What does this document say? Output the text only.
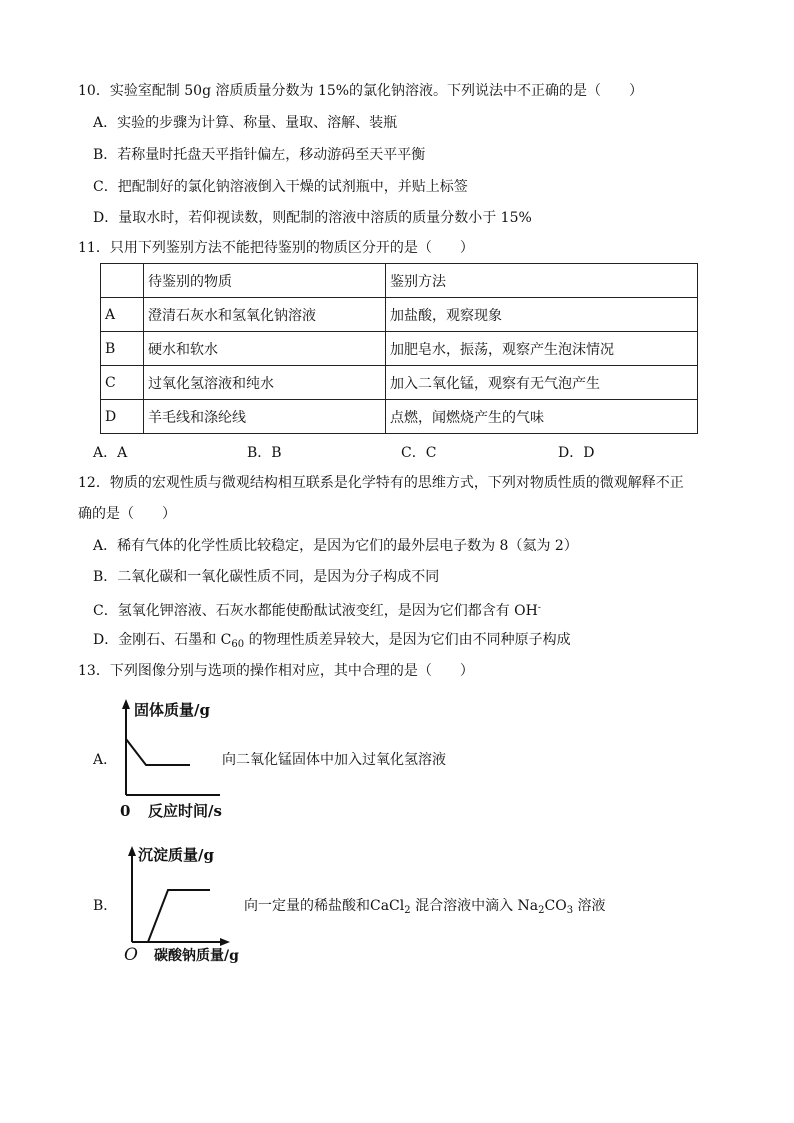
10．实验室配制 50g 溶质质量分数为 15%的氯化钠溶液。下列说法中不正确的是（　　）
A．实验的步骤为计算、称量、量取、溶解、装瓶
B．若称量时托盘天平指针偏左，移动游码至天平平衡
C．把配制好的氯化钠溶液倒入干燥的试剂瓶中，并贴上标签
D．量取水时，若仰视读数，则配制的溶液中溶质的质量分数小于 15%
11．只用下列鉴别方法不能把待鉴别的物质区分开的是（　　）
	待鉴别的物质	鉴别方法
A	澄清石灰水和氢氧化钠溶液	加盐酸，观察现象
B	硬水和软水	加肥皂水，振荡，观察产生泡沫情况
C	过氧化氢溶液和纯水	加入二氧化锰，观察有无气泡产生
D	羊毛线和涤纶线	点燃，闻燃烧产生的气味
A．A	B．B	C．C	D．D
12．物质的宏观性质与微观结构相互联系是化学特有的思维方式，下列对物质性质的微观解释不正
确的是（　　）
A．稀有气体的化学性质比较稳定，是因为它们的最外层电子数为 8（氦为 2）
B．二氧化碳和一氧化碳性质不同，是因为分子构成不同
C．氢氧化钾溶液、石灰水都能使酚酞试液变红，是因为它们都含有 OH-
D．金刚石、石墨和 $C_{60}$ 的物理性质差异较大，是因为它们由不同种原子构成
13．下列图像分别与选项的操作相对应，其中合理的是（　　）
A．
固体质量/g
0 反应时间/s
向二氧化锰固体中加入过氧化氢溶液
B．
沉淀质量/g
O 碳酸钠质量/g
向一定量的稀盐酸和CaCl$_2$ 混合溶液中滴入 $Na_2CO_3$ 溶液
